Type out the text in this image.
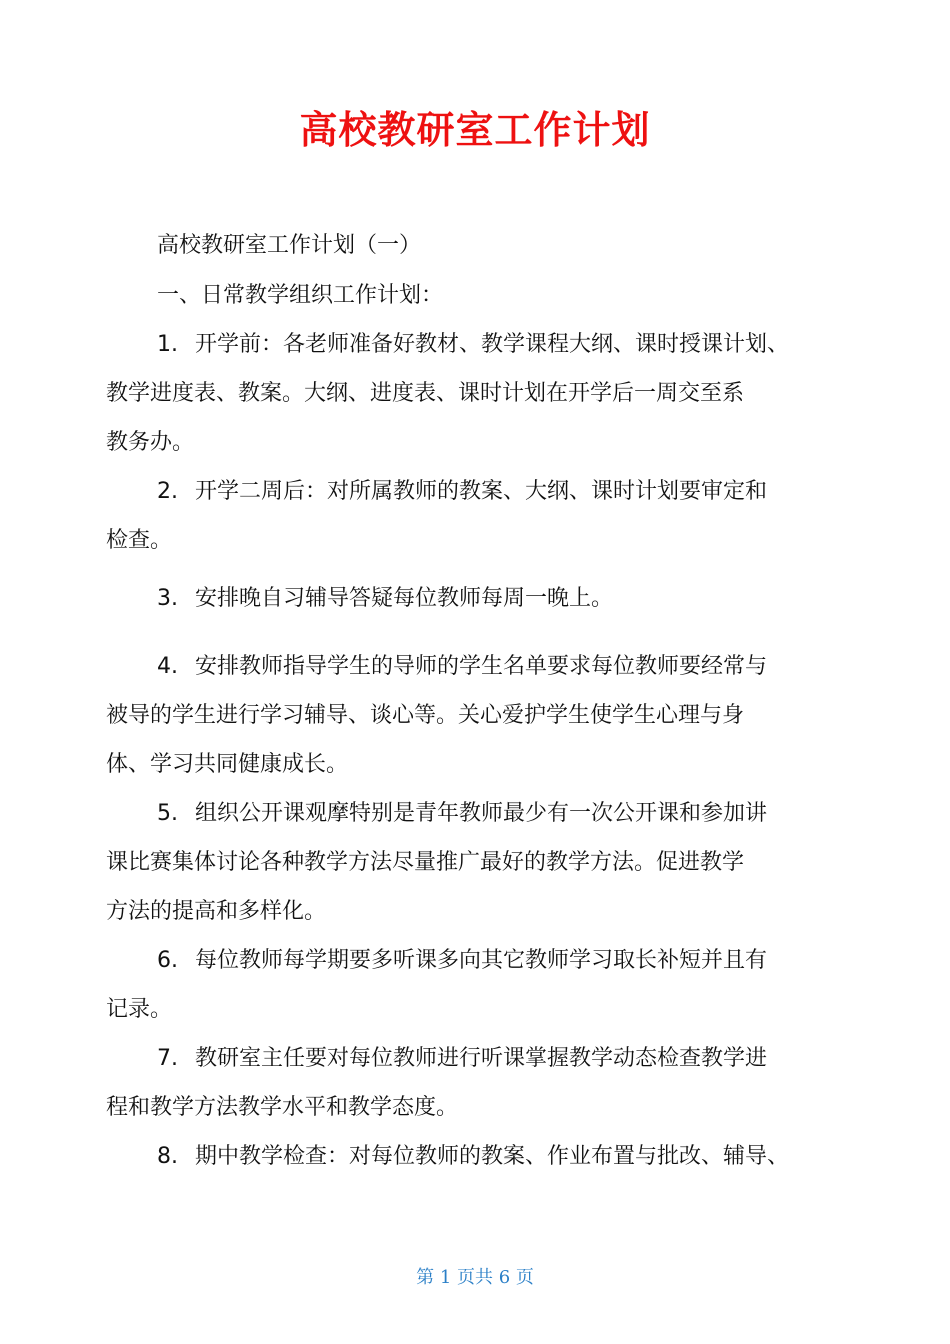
高校教研室工作计划
高校教研室工作计划（一）
一、日常教学组织工作计划：
1. 开学前：各老师准备好教材、教学课程大纲、课时授课计划、
教学进度表、教案。大纲、进度表、课时计划在开学后一周交至系
教务办。
2. 开学二周后：对所属教师的教案、大纲、课时计划要审定和
检查。
3. 安排晚自习辅导答疑每位教师每周一晚上。
4. 安排教师指导学生的导师的学生名单要求每位教师要经常与
被导的学生进行学习辅导、谈心等。关心爱护学生使学生心理与身
体、学习共同健康成长。
5. 组织公开课观摩特别是青年教师最少有一次公开课和参加讲
课比赛集体讨论各种教学方法尽量推广最好的教学方法。促进教学
方法的提高和多样化。
6. 每位教师每学期要多听课多向其它教师学习取长补短并且有
记录。
7. 教研室主任要对每位教师进行听课掌握教学动态检查教学进
程和教学方法教学水平和教学态度。
8. 期中教学检查：对每位教师的教案、作业布置与批改、辅导、
第 1 页共 6 页
